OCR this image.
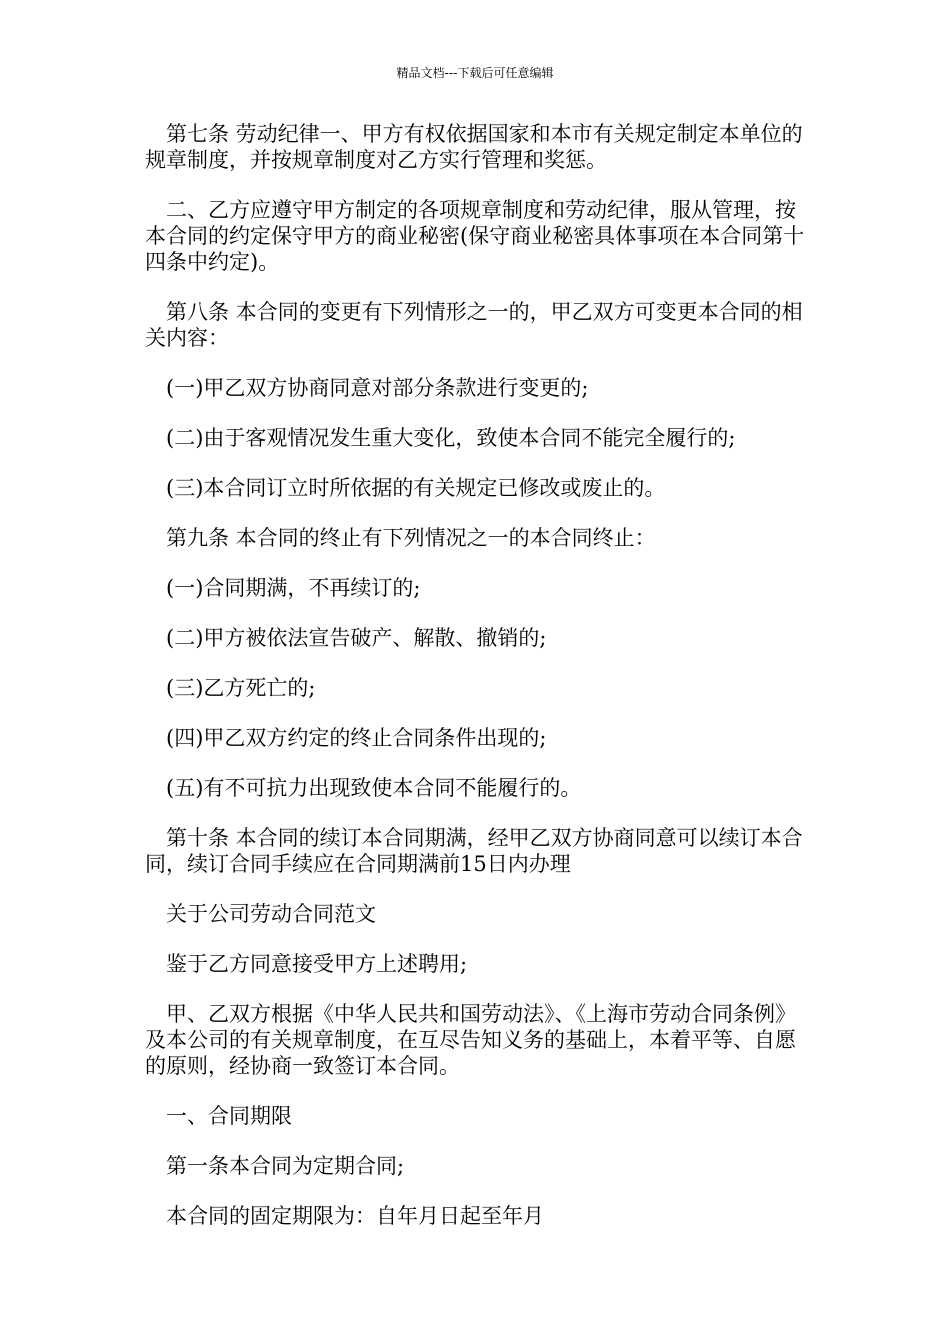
精品文档---下载后可任意编辑

第七条 劳动纪律一、甲方有权依据国家和本市有关规定制定本单位的规章制度，并按规章制度对乙方实行管理和奖惩。

二、乙方应遵守甲方制定的各项规章制度和劳动纪律，服从管理，按本合同的约定保守甲方的商业秘密(保守商业秘密具体事项在本合同第十四条中约定)。

第八条 本合同的变更有下列情形之一的，甲乙双方可变更本合同的相关内容：

(一)甲乙双方协商同意对部分条款进行变更的;

(二)由于客观情况发生重大变化，致使本合同不能完全履行的;

(三)本合同订立时所依据的有关规定已修改或废止的。

第九条 本合同的终止有下列情况之一的本合同终止：

(一)合同期满，不再续订的;

(二)甲方被依法宣告破产、解散、撤销的;

(三)乙方死亡的;

(四)甲乙双方约定的终止合同条件出现的;

(五)有不可抗力出现致使本合同不能履行的。

第十条 本合同的续订本合同期满，经甲乙双方协商同意可以续订本合同，续订合同手续应在合同期满前15日内办理

关于公司劳动合同范文

鉴于乙方同意接受甲方上述聘用;

甲、乙双方根据《中华人民共和国劳动法》、《上海市劳动合同条例》及本公司的有关规章制度，在互尽告知义务的基础上，本着平等、自愿的原则，经协商一致签订本合同。

一、合同期限

第一条本合同为定期合同;

本合同的固定期限为：自年月日起至年月
